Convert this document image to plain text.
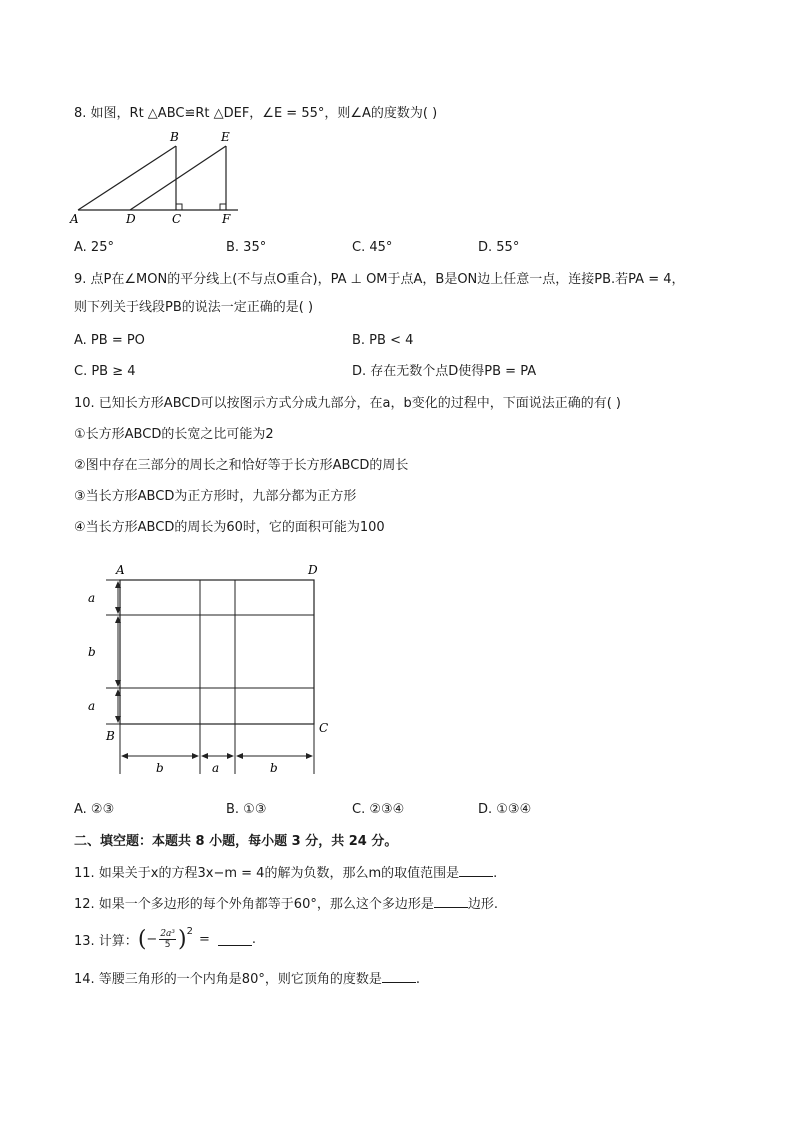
8. 如图，Rt △ABC≌Rt △DEF，∠E = 55°，则∠A的度数为( )
A	D	C	F
B	E
A. 25°	B. 35°	C. 45°	D. 55°
9. 点P在∠MON的平分线上(不与点O重合)，PA ⊥ OM于点A，B是ON边上任意一点，连接PB.若PA = 4，
则下列关于线段PB的说法一定正确的是( )
A. PB = PO	B. PB < 4
C. PB ≥ 4	D. 存在无数个点D使得PB = PA
10. 已知长方形ABCD可以按图示方式分成九部分，在a，b变化的过程中，下面说法正确的有( )
①长方形ABCD的长宽之比可能为2
②图中存在三部分的周长之和恰好等于长方形ABCD的周长
③当长方形ABCD为正方形时，九部分都为正方形
④当长方形ABCD的周长为60时，它的面积可能为100
A	D
B
C
a
b
a
b	a	b
A. ②③	B. ①③	C. ②③④	D. ①③④
二、填空题：本题共 8 小题，每小题 3 分，共 24 分。
11. 如果关于x的方程3x−m = 4的解为负数，那么m的取值范围是	.
12. 如果一个多边形的每个外角都等于60°，那么这个多边形是	边形.
13. 计算： ( − $\frac{\text{2a³}}{5} )^2$ =	.
14. 等腰三角形的一个内角是80°，则它顶角的度数是	.
